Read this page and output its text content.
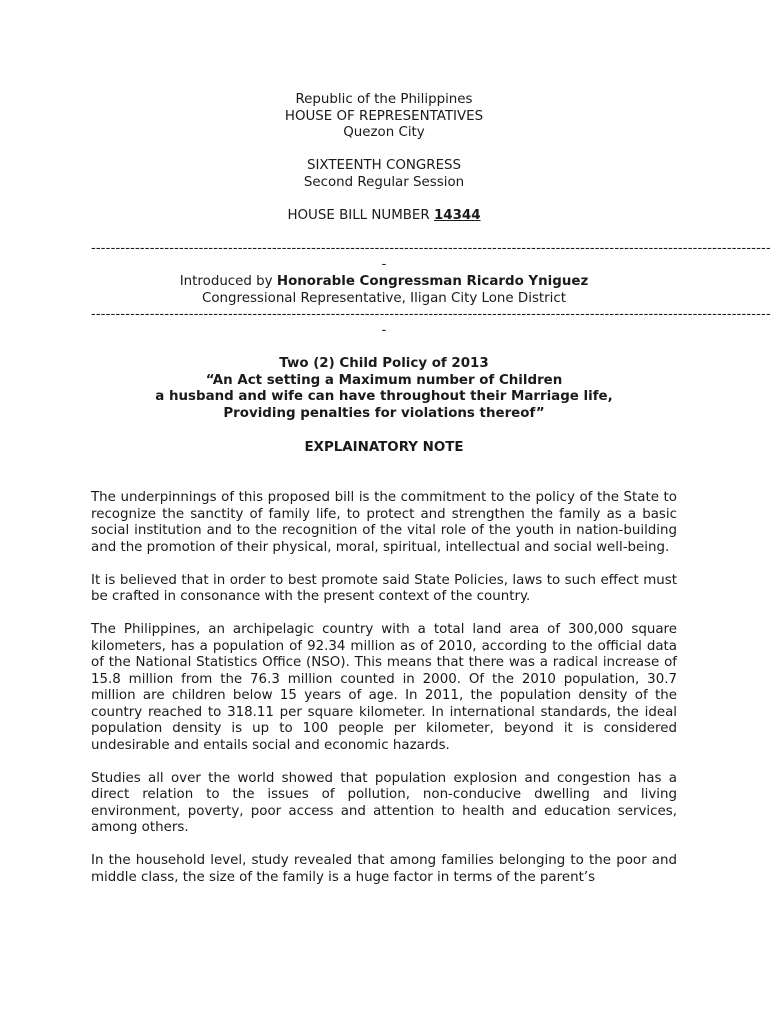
Republic of the Philippines
HOUSE OF REPRESENTATIVES
Quezon City
SIXTEENTH CONGRESS
Second Regular Session
HOUSE BILL NUMBER 14344
-------------------------------------------------------------------------------------------------------------------------------------------
-
Introduced by Honorable Congressman Ricardo Yniguez
Congressional Representative, Iligan City Lone District
-------------------------------------------------------------------------------------------------------------------------------------------
-
Two (2) Child Policy of 2013
“An Act setting a Maximum number of Children
a husband and wife can have throughout their Marriage life,
Providing penalties for violations thereof”
EXPLAINATORY NOTE

The underpinnings of this proposed bill is the commitment to the policy of the State to recognize the sanctity of family life, to protect and strengthen the family as a basic social institution and to the recognition of the vital role of the youth in nation-building and the promotion of their physical, moral, spiritual, intellectual and social well-being.

It is believed that in order to best promote said State Policies, laws to such effect must be crafted in consonance with the present context of the country.

The Philippines, an archipelagic country with a total land area of 300,000 square kilometers, has a population of 92.34 million as of 2010, according to the official data of the National Statistics Office (NSO). This means that there was a radical increase of 15.8 million from the 76.3 million counted in 2000. Of the 2010 population, 30.7 million are children below 15 years of age. In 2011, the population density of the country reached to 318.11 per square kilometer. In international standards, the ideal population density is up to 100 people per kilometer, beyond it is considered undesirable and entails social and economic hazards.

Studies all over the world showed that population explosion and congestion has a direct relation to the issues of pollution, non-conducive dwelling and living environment, poverty, poor access and attention to health and education services, among others.

In the household level, study revealed that among families belonging to the poor and middle class, the size of the family is a huge factor in terms of the parent’s
